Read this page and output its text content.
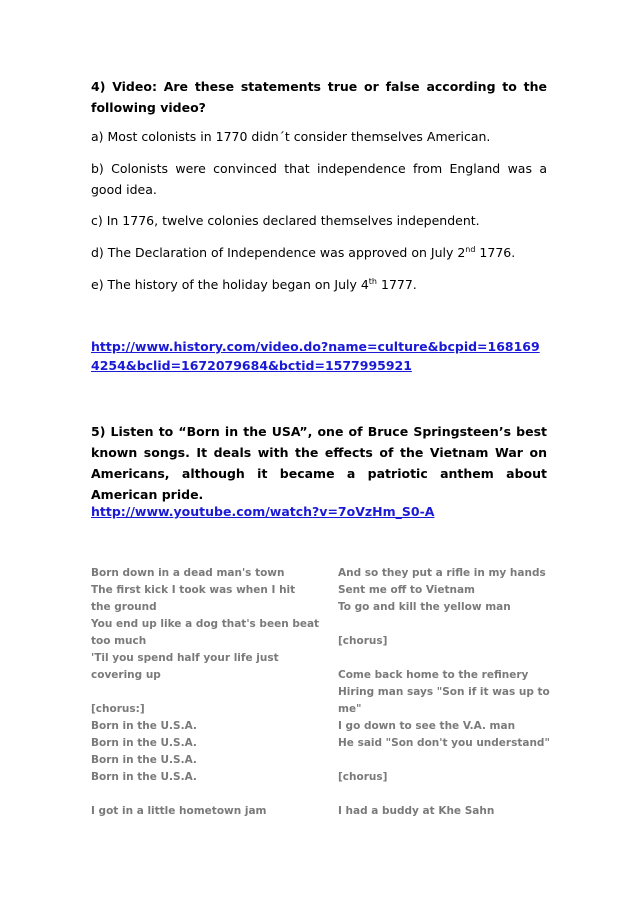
4) Video: Are these statements true or false according to the following video?
a) Most colonists in 1770 didn´t consider themselves American.
b) Colonists were convinced that independence from England was a good idea.
c) In 1776, twelve colonies declared themselves independent.
d) The Declaration of Independence was approved on July 2nd 1776.
e) The history of the holiday began on July 4th 1777.
http://www.history.com/video.do?name=culture&bcpid=1681694254&bclid=1672079684&bctid=1577995921
5) Listen to “Born in the USA”, one of Bruce Springsteen’s best known songs. It deals with the effects of the Vietnam War on Americans, although it became a patriotic anthem about American pride.
http://www.youtube.com/watch?v=7oVzHm_S0-A
Born down in a dead man's town
The first kick I took was when I hit
the ground
You end up like a dog that's been beat
too much
'Til you spend half your life just
covering up
[chorus:]
Born in the U.S.A.
Born in the U.S.A.
Born in the U.S.A.
Born in the U.S.A.
I got in a little hometown jam
And so they put a rifle in my hands
Sent me off to Vietnam
To go and kill the yellow man
[chorus]
Come back home to the refinery
Hiring man says "Son if it was up to
me"
I go down to see the V.A. man
He said "Son don't you understand"
[chorus]
I had a buddy at Khe Sahn
